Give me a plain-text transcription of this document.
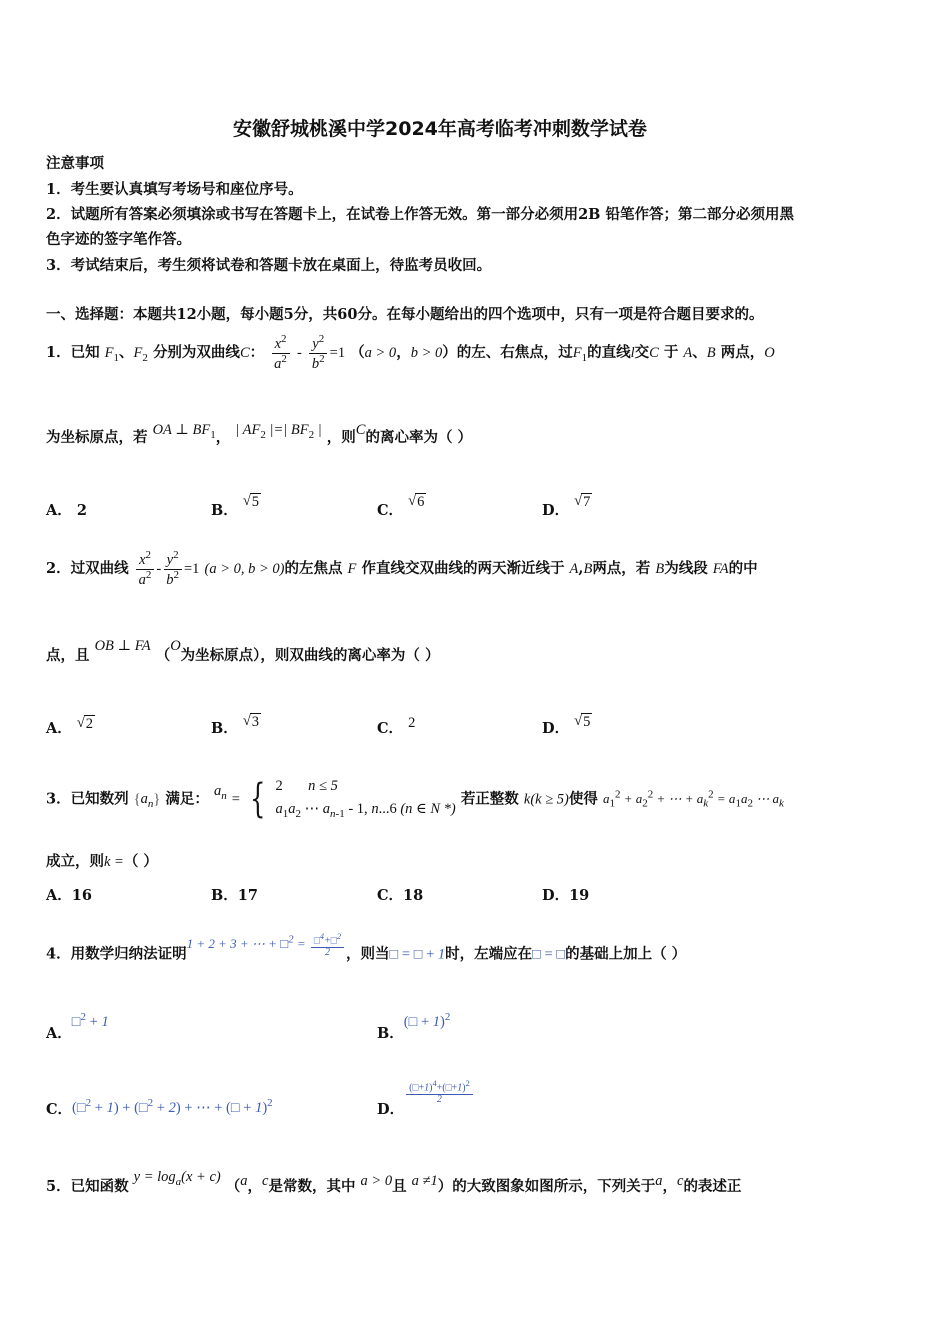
安徽舒城桃溪中学2024年高考临考冲刺数学试卷
注意事项
1．考生要认真填写考场号和座位序号。
2．试题所有答案必须填涂或书写在答题卡上，在试卷上作答无效。第一部分必须用2B 铅笔作答；第二部分必须用黑
色字迹的签字笔作答。
3．考试结束后，考生须将试卷和答题卡放在桌面上，待监考员收回。
一、选择题：本题共12小题，每小题5分，共60分。在每小题给出的四个选项中，只有一项是符合题目要求的。
1．已知 $F_1$、$F_2$ 分别为双曲线C： $\frac{x^2}{a^2} - \frac{y^2}{b^2} =1$ （a > 0，b > 0）的左、右焦点，过$F_1$的直线l交C 于 A、B 两点，O
为坐标原点，若 OA ⊥ $BF_1$， | $AF_2$ |=| $BF_2$ | ，则C的离心率为（ ）
A． 2	B． √ 5	C． √ 6	D． √ 7
2．过双曲线 $\frac{x^2}{a^2} - \frac{y^2}{b^2} =1$ (a > 0, b > 0)的左焦点 F 作直线交双曲线的两天渐近线于 A,B两点，若 B为线段 FA的中
点，且 OB ⊥ FA （O为坐标原点），则双曲线的离心率为（ ）
A． √ 2	B． √ 3	C． 2	D． √ 5
3．已知数列 $\{a_n\}$ 满足： $a_n$ = { 2 n ≤ 5
$a_1a_2$ ⋯ $a_{n-1} - 1$, n...6 (n ∈ N *)
若正整数 k(k ≥ 5)使得 $a_1^2 + a_2^2$ + ⋯ + $a_k^2 = a_1a_2$ ⋯ $a_k$
成立，则k =（ ）
A．16	B．17	C．18	D．19
4．用数学归纳法证明1 + 2 + 3 + ⋯ + □$^2$ = $\frac{□^4+□^2}{2}$ ，则当□ = □ + 1时，左端应在□ = □的基础上加上（ ）
A．□$^2$ + 1
B．(□ + 1)$^2$
C．(□$^2$ + 1) + (□$^2$ + 2) + ⋯ + (□ + 1)$^2$	D．
$\frac{(□+1)^4+(□+1)^2}{2}$
5．已知函数 $y = \log_a(x + c)$ （a，c是常数，其中 a > 0且 a ≠1）的大致图象如图所示，下列关于a，c的表述正
